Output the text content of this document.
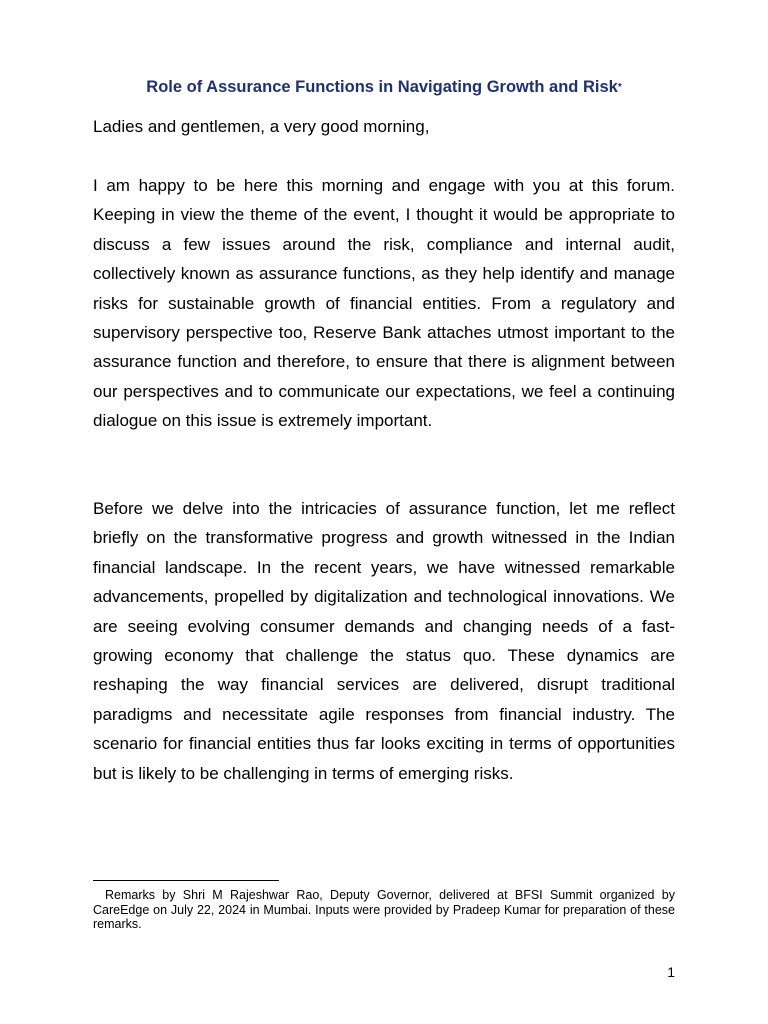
Role of Assurance Functions in Navigating Growth and Risk*

Ladies and gentlemen, a very good morning,

I am happy to be here this morning and engage with you at this forum. Keeping in view the theme of the event, I thought it would be appropriate to discuss a few issues around the risk, compliance and internal audit, collectively known as assurance functions, as they help identify and manage risks for sustainable growth of financial entities. From a regulatory and supervisory perspective too, Reserve Bank attaches utmost important to the assurance function and therefore, to ensure that there is alignment between our perspectives and to communicate our expectations, we feel a continuing dialogue on this issue is extremely important.

Before we delve into the intricacies of assurance function, let me reflect briefly on the transformative progress and growth witnessed in the Indian financial landscape. In the recent years, we have witnessed remarkable advancements, propelled by digitalization and technological innovations. We are seeing evolving consumer demands and changing needs of a fast-growing economy that challenge the status quo. These dynamics are reshaping the way financial services are delivered, disrupt traditional paradigms and necessitate agile responses from financial industry. The scenario for financial entities thus far looks exciting in terms of opportunities but is likely to be challenging in terms of emerging risks.

Remarks by Shri M Rajeshwar Rao, Deputy Governor, delivered at BFSI Summit organized by CareEdge on July 22, 2024 in Mumbai. Inputs were provided by Pradeep Kumar for preparation of these remarks.

1
